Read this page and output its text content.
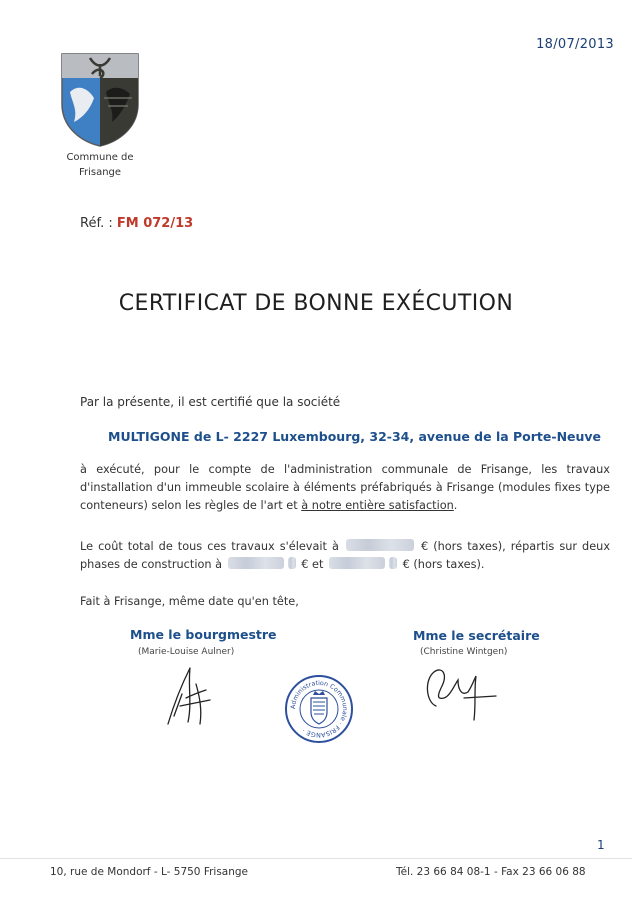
18/07/2013
Commune de
Frisange
Réf. : FM 072/13
CERTIFICAT DE BONNE EXÉCUTION
Par la présente, il est certifié que la société
MULTIGONE de L- 2227 Luxembourg, 32-34, avenue de la Porte-Neuve
à exécuté, pour le compte de l'administration communale de Frisange, les travaux d'installation d'un immeuble scolaire à éléments préfabriqués à Frisange (modules fixes type conteneurs) selon les règles de l'art et à notre entière satisfaction.
Le coût total de tous ces travaux s'élevait à	€ (hors taxes), répartis sur deux phases de construction à	€ et	€ (hors taxes).
Fait à Frisange, même date qu'en tête,
Mme le bourgmestre
(Marie-Louise Aulner)
Mme le secrétaire
(Christine Wintgen)
Administration Communale · FRISANGE ·
1
10, rue de Mondorf - L- 5750 Frisange	Tél. 23 66 84 08-1 - Fax 23 66 06 88
